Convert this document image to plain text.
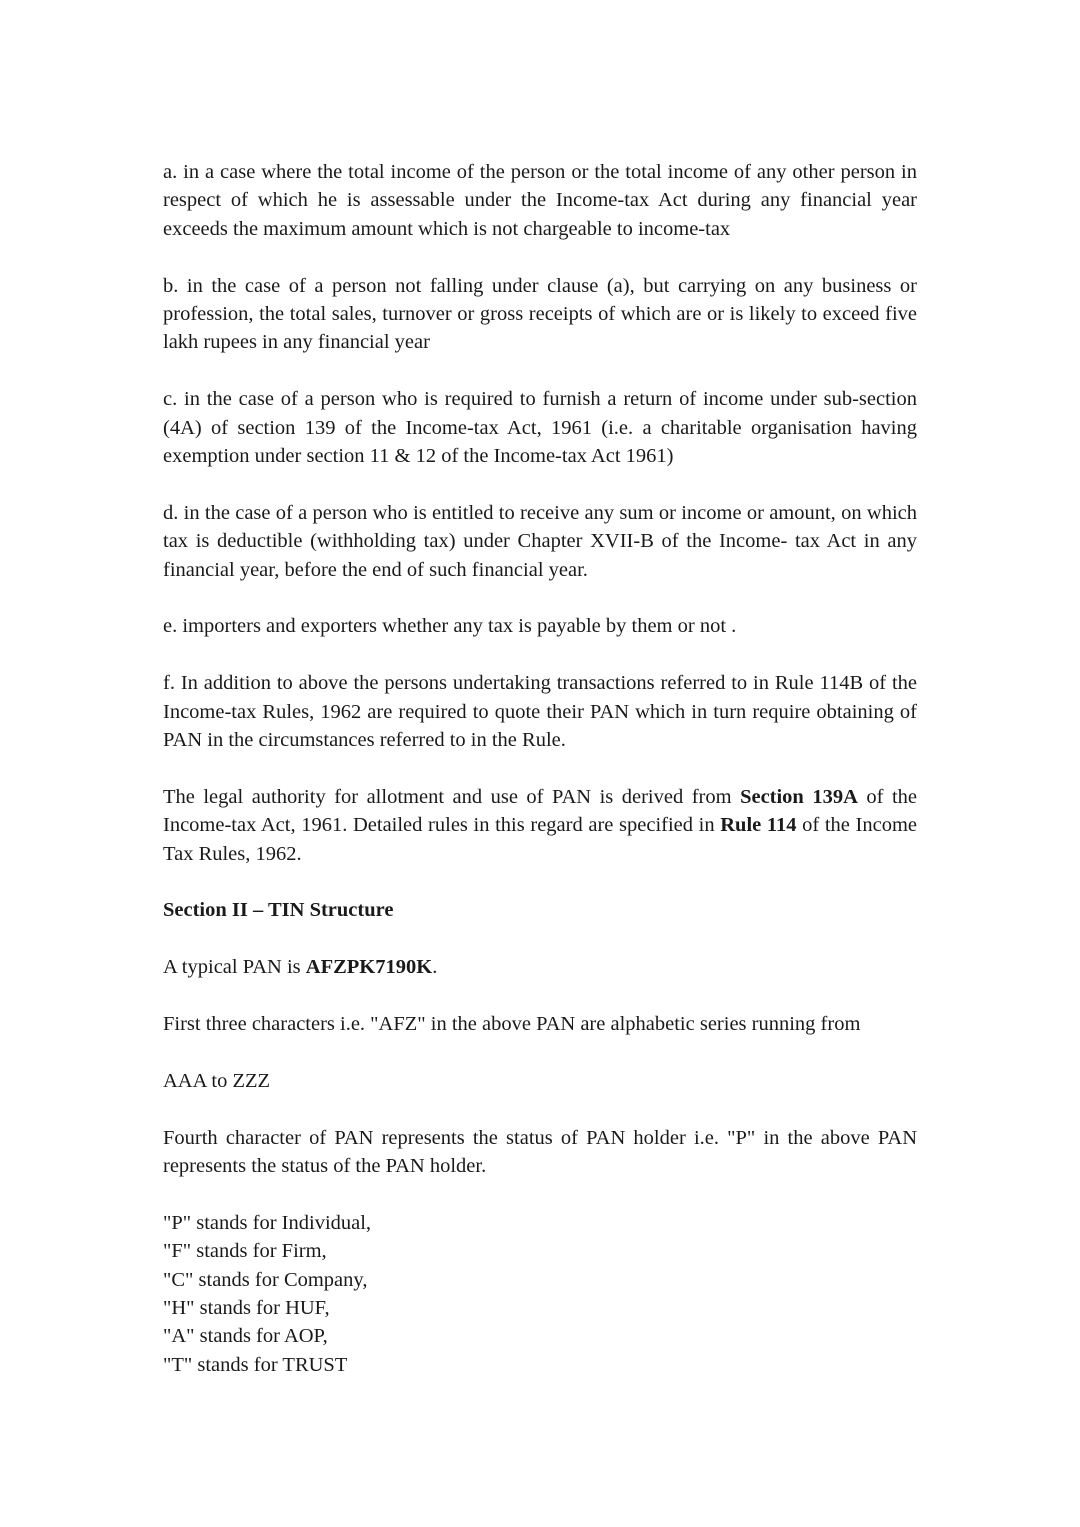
a. in a case where the total income of the person or the total income of any other person in respect of which he is assessable under the Income-tax Act during any financial year exceeds the maximum amount which is not chargeable to income-tax

b. in the case of a person not falling under clause (a), but carrying on any business or profession, the total sales, turnover or gross receipts of which are or is likely to exceed five lakh rupees in any financial year

c. in the case of a person who is required to furnish a return of income under sub-section (4A) of section 139 of the Income-tax Act, 1961 (i.e. a charitable organisation having exemption under section 11 & 12 of the Income-tax Act 1961)

d. in the case of a person who is entitled to receive any sum or income or amount, on which tax is deductible (withholding tax) under Chapter XVII-B of the Income- tax Act in any financial year, before the end of such financial year.

e. importers and exporters whether any tax is payable by them or not .

f. In addition to above the persons undertaking transactions referred to in Rule 114B of the Income-tax Rules, 1962 are required to quote their PAN which in turn require obtaining of PAN in the circumstances referred to in the Rule.

The legal authority for allotment and use of PAN is derived from Section 139A of the Income-tax Act, 1961. Detailed rules in this regard are specified in Rule 114 of the Income Tax Rules, 1962.

Section II – TIN Structure

A typical PAN is AFZPK7190K.

First three characters i.e. "AFZ" in the above PAN are alphabetic series running from

AAA to ZZZ

Fourth character of PAN represents the status of PAN holder i.e. "P" in the above PAN represents the status of the PAN holder.

"P" stands for Individual,
"F" stands for Firm,
"C" stands for Company,
"H" stands for HUF,
"A" stands for AOP,
"T" stands for TRUST
